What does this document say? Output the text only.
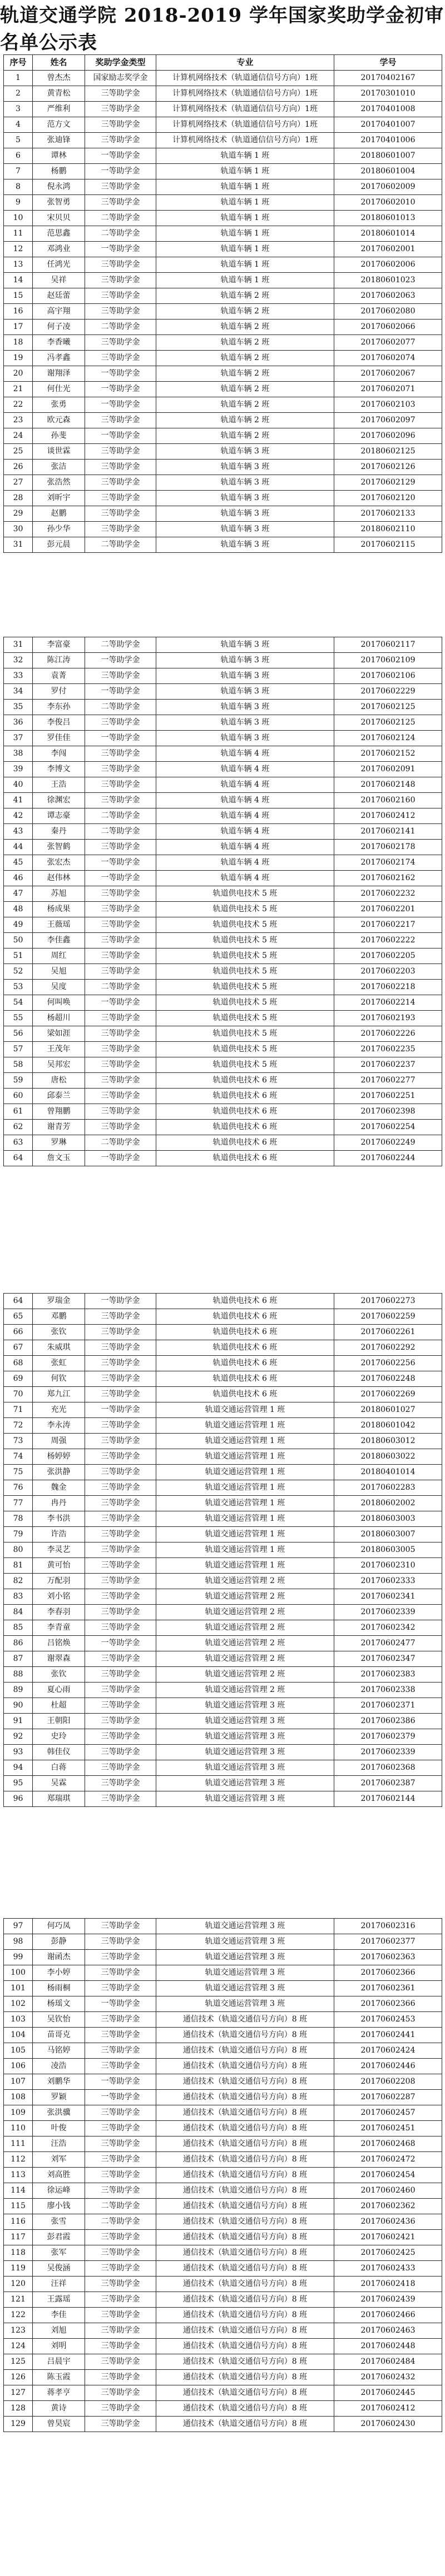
轨道交通学院 2018-2019 学年国家奖助学金初审名单公示表
序号	姓名	奖助学金类型	专业	学号
1	曾杰杰	国家励志奖学金	计算机网络技术（轨道通信信号方向）1班	20170402167
2	黄青松	三等助学金	计算机网络技术（轨道通信信号方向）1班	20170301010
3	严维利	三等助学金	计算机网络技术（轨道通信信号方向）1班	20170401008
4	范方文	三等助学金	计算机网络技术（轨道通信信号方向）1班	20170401007
5	张迪锋	三等助学金	计算机网络技术（轨道通信信号方向）1班	20170401006
6	谭林	一等助学金	轨道车辆 1 班	20180601007
7	杨鹏	一等助学金	轨道车辆 1 班	20180601004
8	倪永鸿	三等助学金	轨道车辆 1 班	20170602009
9	张智勇	三等助学金	轨道车辆 1 班	20170602010
10	宋贝贝	二等助学金	轨道车辆 1 班	20180601013
11	范思鑫	二等助学金	轨道车辆 1 班	20180601014
12	邓鸿业	一等助学金	轨道车辆 1 班	20170602001
13	任鸿光	三等助学金	轨道车辆 1 班	20170602006
14	吴祥	三等助学金	轨道车辆 1 班	20180601023
15	赵廷蕾	三等助学金	轨道车辆 2 班	20170602063
16	高宇翔	三等助学金	轨道车辆 2 班	20170602080
17	何子凌	二等助学金	轨道车辆 2 班	20170602066
18	李香曦	三等助学金	轨道车辆 2 班	20170602077
19	冯孝鑫	三等助学金	轨道车辆 2 班	20170602074
20	谢翔泽	一等助学金	轨道车辆 2 班	20170602067
21	何仕光	一等助学金	轨道车辆 2 班	20170602071
22	张勇	一等助学金	轨道车辆 2 班	20170602103
23	欧元森	三等助学金	轨道车辆 2 班	20170602097
24	孙斐	一等助学金	轨道车辆 2 班	20170602096
25	谈世霖	三等助学金	轨道车辆 3 班	20180602125
26	张洁	三等助学金	轨道车辆 3 班	20170602126
27	张浩然	三等助学金	轨道车辆 3 班	20170602129
28	刘昕宇	三等助学金	轨道车辆 3 班	20170602120
29	赵鹏	三等助学金	轨道车辆 3 班	20170602133
30	孙少华	三等助学金	轨道车辆 3 班	20180602110
31	彭元晨	二等助学金	轨道车辆 3 班	20170602115
31	李富豪	二等助学金	轨道车辆 3 班	20170602117
32	陈江涛	一等助学金	轨道车辆 3 班	20170602109
33	袁菁	三等助学金	轨道车辆 3 班	20170602106
34	罗付	一等助学金	轨道车辆 3 班	20170602229
35	李东孙	二等助学金	轨道车辆 3 班	20170602125
36	李俊吕	三等助学金	轨道车辆 3 班	20170602125
37	罗佳佳	一等助学金	轨道车辆 3 班	20170602124
38	李闯	三等助学金	轨道车辆 4 班	20170602152
39	李博文	三等助学金	轨道车辆 4 班	20170602091
40	王浩	三等助学金	轨道车辆 4 班	20170602148
41	徐渊宏	三等助学金	轨道车辆 4 班	20170602160
42	谭志豪	二等助学金	轨道车辆 4 班	20170602412
43	秦丹	二等助学金	轨道车辆 4 班	20170602141
44	张智鹤	三等助学金	轨道车辆 4 班	20170602178
45	张宏杰	一等助学金	轨道车辆 4 班	20170602174
46	赵伟林	一等助学金	轨道车辆 4 班	20170602162
47	苏旭	三等助学金	轨道供电技术 5 班	20170602232
48	杨成果	三等助学金	轨道供电技术 5 班	20170602201
49	王薇瑶	三等助学金	轨道供电技术 5 班	20170602217
50	李佳鑫	三等助学金	轨道供电技术 5 班	20170602222
51	周红	三等助学金	轨道供电技术 5 班	20170602205
52	吴旭	三等助学金	轨道供电技术 5 班	20170602203
53	吴度	二等助学金	轨道供电技术 5 班	20170602218
54	何叫唤	一等助学金	轨道供电技术 5 班	20170602214
55	杨超川	三等助学金	轨道供电技术 5 班	20170602193
56	梁如涯	三等助学金	轨道供电技术 5 班	20170602226
57	王茂年	三等助学金	轨道供电技术 5 班	20170602235
58	吴邦宏	三等助学金	轨道供电技术 5 班	20170602237
59	唐松	三等助学金	轨道供电技术 6 班	20170602277
60	邱泰兰	三等助学金	轨道供电技术 6 班	20170602251
61	曾翔鹏	三等助学金	轨道供电技术 6 班	20170602398
62	谢青芳	三等助学金	轨道供电技术 6 班	20170602254
63	罗琳	二等助学金	轨道供电技术 6 班	20170602249
64	詹文玉	一等助学金	轨道供电技术 6 班	20170602244
64	罗瑞金	一等助学金	轨道供电技术 6 班	20170602273
65	邓鹏	三等助学金	轨道供电技术 6 班	20170602259
66	张钦	三等助学金	轨道供电技术 6 班	20170602261
67	朱威琪	三等助学金	轨道供电技术 6 班	20170602292
68	张虹	三等助学金	轨道供电技术 6 班	20170602256
69	何钦	三等助学金	轨道供电技术 6 班	20170602248
70	郑九江	三等助学金	轨道供电技术 6 班	20170602269
71	充光	一等助学金	轨道交通运营管理 1 班	20180601027
72	李永涛	三等助学金	轨道交通运营管理 1 班	20180601042
73	周强	三等助学金	轨道交通运营管理 1 班	20180603012
74	杨婷婷	三等助学金	轨道交通运营管理 1 班	20180603022
75	张洪静	三等助学金	轨道交通运营管理 1 班	20180401014
76	魏金	三等助学金	轨道交通运营管理 1 班	20170602283
77	冉丹	三等助学金	轨道交通运营管理 1 班	20180602002
78	李书洪	三等助学金	轨道交通运营管理 1 班	20180603003
79	许浩	三等助学金	轨道交通运营管理 1 班	20180603007
80	李灵艺	三等助学金	轨道交通运营管理 1 班	20180603005
81	黄可怡	三等助学金	轨道交通运营管理 1 班	20170602310
82	万配羽	三等助学金	轨道交通运营管理 2 班	20170602333
83	刘小铭	三等助学金	轨道交通运营管理 2 班	20170602341
84	李春羽	三等助学金	轨道交通运营管理 2 班	20170602339
85	李青童	三等助学金	轨道交通运营管理 2 班	20170602342
86	吕铭焕	一等助学金	轨道交通运营管理 2 班	20170602477
87	谢翠森	三等助学金	轨道交通运营管理 2 班	20170602347
88	张钦	三等助学金	轨道交通运营管理 2 班	20170602383
89	夏心雨	三等助学金	轨道交通运营管理 2 班	20170602338
90	杜超	三等助学金	轨道交通运营管理 3 班	20170602371
91	王朝阳	三等助学金	轨道交通运营管理 3 班	20170602386
92	史玲	三等助学金	轨道交通运营管理 3 班	20170602379
93	韩佳仪	三等助学金	轨道交通运营管理 3 班	20170602339
94	白蒋	三等助学金	轨道交通运营管理 3 班	20170602368
95	吴霖	三等助学金	轨道交通运营管理 3 班	20170602387
96	郑瑞琪	三等助学金	轨道交通运营管理 3 班	20170602144
97	何巧凤	三等助学金	轨道交通运营管理 3 班	20170602316
98	彭静	三等助学金	轨道交通运营管理 3 班	20170602377
99	谢函杰	三等助学金	轨道交通运营管理 3 班	20170602363
100	李小婷	三等助学金	轨道交通运营管理 3 班	20170602366
101	杨雨桐	三等助学金	轨道交通运营管理 3 班	20170602361
102	杨瑶文	一等助学金	轨道交通运营管理 3 班	20170602366
103	吴钦怡	三等助学金	通信技术（轨道交通信号方向）8 班	20170602453
104	苗哥克	三等助学金	通信技术（轨道交通信号方向）8 班	20170602441
105	马铭婷	三等助学金	通信技术（轨道交通信号方向）8 班	20170602424
106	凌浩	三等助学金	通信技术（轨道交通信号方向）8 班	20170602446
107	刘鹏华	一等助学金	通信技术（轨道交通信号方向）8 班	20170602208
108	罗颖	一等助学金	通信技术（轨道交通信号方向）8 班	20170602287
109	张洪骥	三等助学金	通信技术（轨道交通信号方向）8 班	20170602457
110	叶俊	三等助学金	通信技术（轨道交通信号方向）8 班	20170602451
111	汪浩	三等助学金	通信技术（轨道交通信号方向）8 班	20170602468
112	刘军	三等助学金	通信技术（轨道交通信号方向）8 班	20170602472
113	刘高胜	三等助学金	通信技术（轨道交通信号方向）8 班	20170602454
114	徐运峰	三等助学金	通信技术（轨道交通信号方向）8 班	20170602460
115	廖小钱	二等助学金	通信技术（轨道交通信号方向）8 班	20170602362
116	张雪	二等助学金	通信技术（轨道交通信号方向）8 班	20170602436
117	彭君霞	三等助学金	通信技术（轨道交通信号方向）8 班	20170602421
118	张军	三等助学金	通信技术（轨道交通信号方向）8 班	20170602425
119	吴俊涵	三等助学金	通信技术（轨道交通信号方向）8 班	20170602433
120	汪祥	三等助学金	通信技术（轨道交通信号方向）8 班	20170602418
121	王露瑶	三等助学金	通信技术（轨道交通信号方向）8 班	20170602439
122	李佳	三等助学金	通信技术（轨道交通信号方向）8 班	20170602466
123	刘旭	三等助学金	通信技术（轨道交通信号方向）8 班	20170602463
124	刘明	三等助学金	通信技术（轨道交通信号方向）8 班	20170602448
125	吕晨宇	三等助学金	通信技术（轨道交通信号方向）8 班	20170602484
126	陈玉霞	三等助学金	通信技术（轨道交通信号方向）8 班	20170602432
127	蒋孝亨	三等助学金	通信技术（轨道交通信号方向）8 班	20170602445
128	黄诗	三等助学金	通信技术（轨道交通信号方向）8 班	20170602412
129	曾昊宸	三等助学金	通信技术（轨道交通信号方向）8 班	20170602430
